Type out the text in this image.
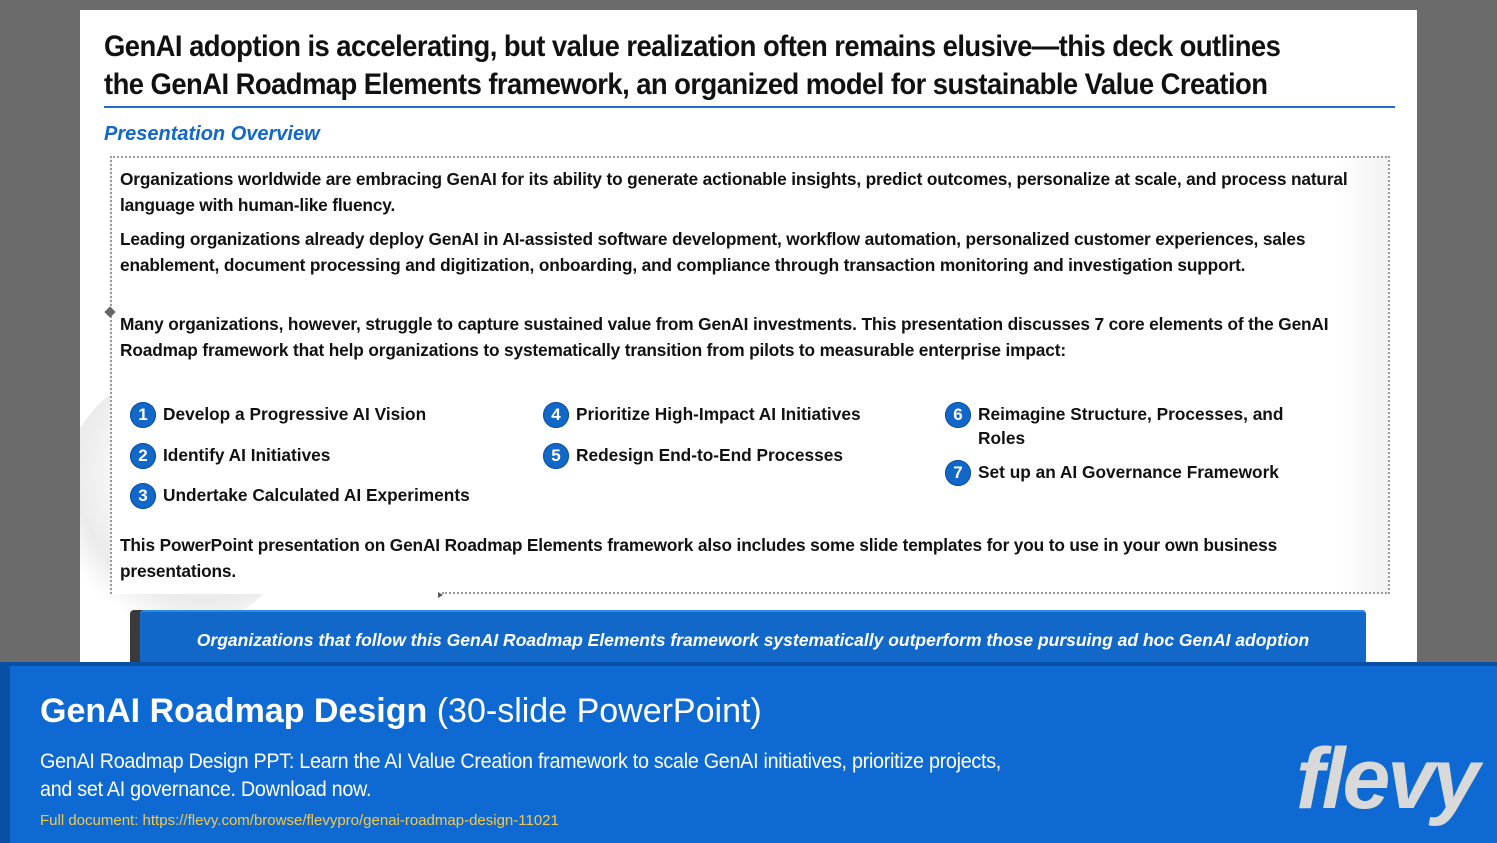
GenAI adoption is accelerating, but value realization often remains elusive—this deck outlines the GenAI Roadmap Elements framework, an organized model for sustainable Value Creation
Presentation Overview
Organizations worldwide are embracing GenAI for its ability to generate actionable insights, predict outcomes, personalize at scale, and process natural language with human-like fluency.
Leading organizations already deploy GenAI in AI-assisted software development, workflow automation, personalized customer experiences, sales enablement, document processing and digitization, onboarding, and compliance through transaction monitoring and investigation support.
Many organizations, however, struggle to capture sustained value from GenAI investments. This presentation discusses 7 core elements of the GenAI Roadmap framework that help organizations to systematically transition from pilots to measurable enterprise impact:
1 Develop a Progressive AI Vision
2 Identify AI Initiatives
3 Undertake Calculated AI Experiments
4 Prioritize High-Impact AI Initiatives
5 Redesign End-to-End Processes
6 Reimagine Structure, Processes, and Roles
7 Set up an AI Governance Framework
This PowerPoint presentation on GenAI Roadmap Elements framework also includes some slide templates for you to use in your own business presentations.
Organizations that follow this GenAI Roadmap Elements framework systematically outperform those pursuing ad hoc GenAI adoption
GenAI Roadmap Design (30-slide PowerPoint)
GenAI Roadmap Design PPT: Learn the AI Value Creation framework to scale GenAI initiatives, prioritize projects, and set AI governance. Download now.
Full document: https://flevy.com/browse/flevypro/genai-roadmap-design-11021	flevy
